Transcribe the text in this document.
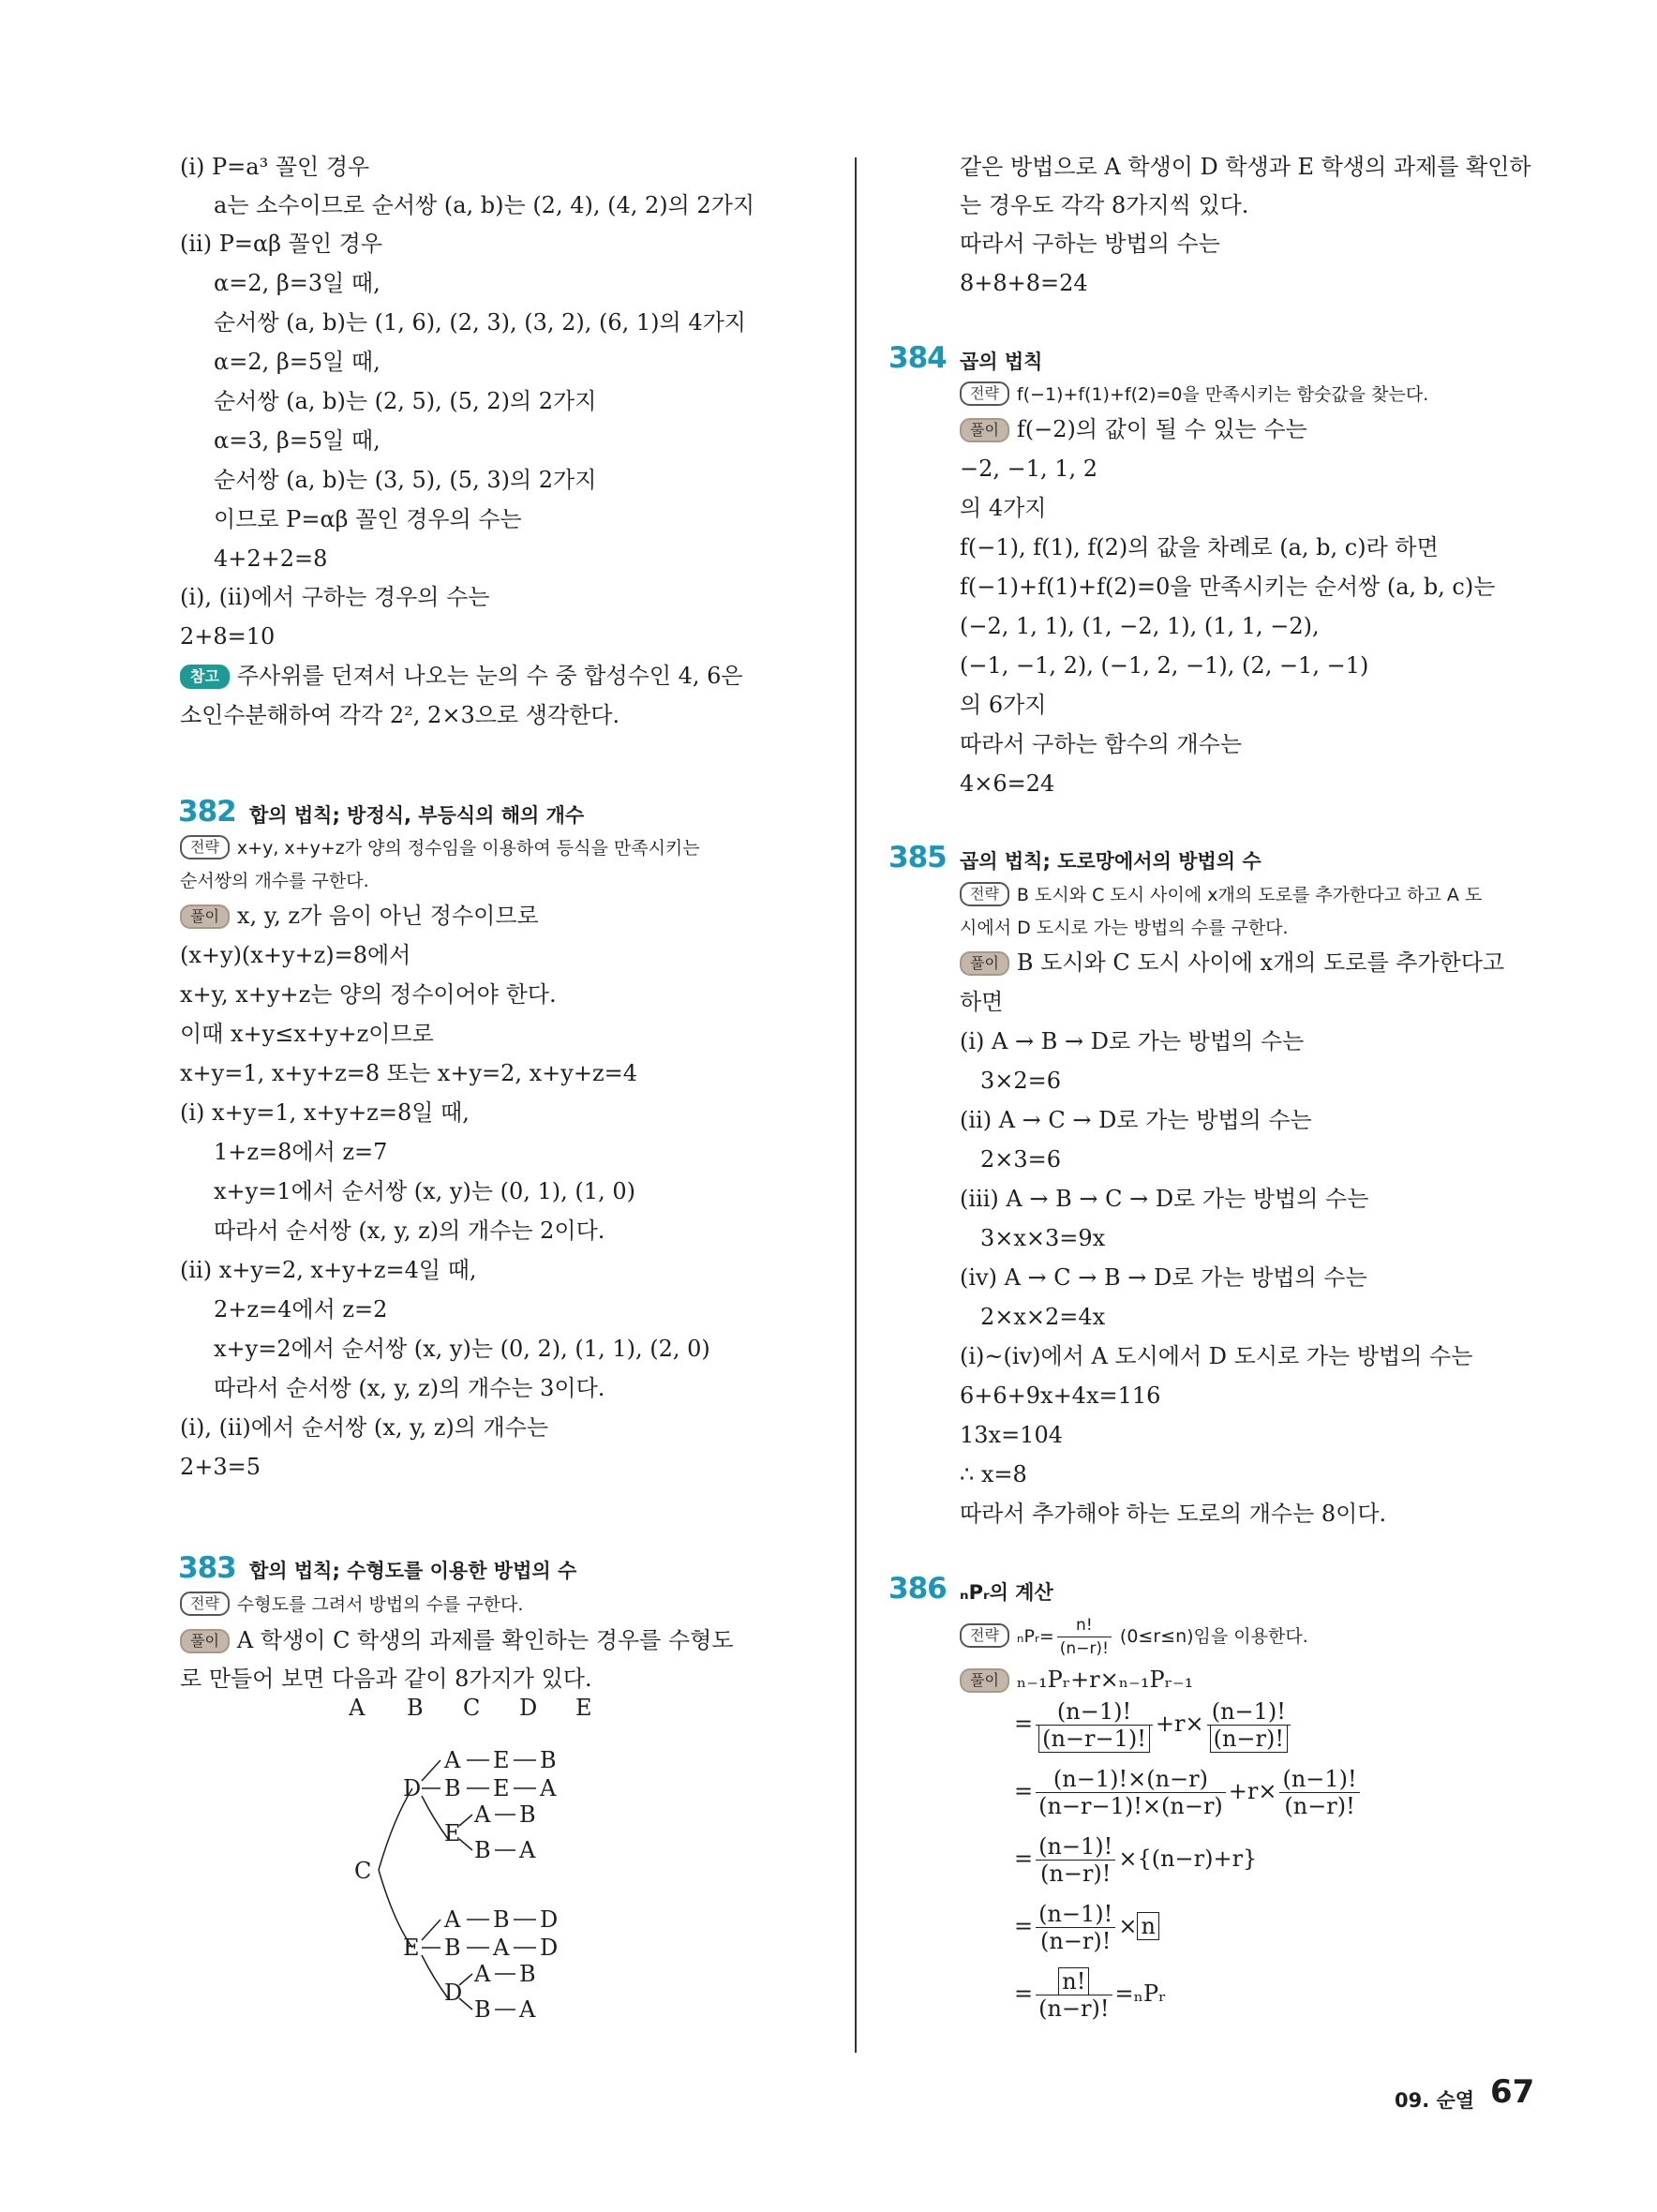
(ⅰ) P=a³ 꼴인 경우
a는 소수이므로 순서쌍 (a, b)는 (2, 4), (4, 2)의 2가지
(ⅱ) P=αβ 꼴인 경우
α=2, β=3일 때,
순서쌍 (a, b)는 (1, 6), (2, 3), (3, 2), (6, 1)의 4가지
α=2, β=5일 때,
순서쌍 (a, b)는 (2, 5), (5, 2)의 2가지
α=3, β=5일 때,
순서쌍 (a, b)는 (3, 5), (5, 3)의 2가지
이므로 P=αβ 꼴인 경우의 수는
4+2+2=8
(ⅰ), (ⅱ)에서 구하는 경우의 수는
2+8=10
참고 주사위를 던져서 나오는 눈의 수 중 합성수인 4, 6은
소인수분해하여 각각 2², 2×3으로 생각한다.
382 합의 법칙; 방정식, 부등식의 해의 개수
전략 x+y, x+y+z가 양의 정수임을 이용하여 등식을 만족시키는
순서쌍의 개수를 구한다.
풀이 x, y, z가 음이 아닌 정수이므로
(x+y)(x+y+z)=8에서
x+y, x+y+z는 양의 정수이어야 한다.
이때 x+y≤x+y+z이므로
x+y=1, x+y+z=8 또는 x+y=2, x+y+z=4
(ⅰ) x+y=1, x+y+z=8일 때,
1+z=8에서 z=7
x+y=1에서 순서쌍 (x, y)는 (0, 1), (1, 0)
따라서 순서쌍 (x, y, z)의 개수는 2이다.
(ⅱ) x+y=2, x+y+z=4일 때,
2+z=4에서 z=2
x+y=2에서 순서쌍 (x, y)는 (0, 2), (1, 1), (2, 0)
따라서 순서쌍 (x, y, z)의 개수는 3이다.
(ⅰ), (ⅱ)에서 순서쌍 (x, y, z)의 개수는
2+3=5
383 합의 법칙; 수형도를 이용한 방법의 수
전략 수형도를 그려서 방법의 수를 구한다.
풀이 A 학생이 C 학생의 과제를 확인하는 경우를 수형도
로 만들어 보면 다음과 같이 8가지가 있다.
A B C D E
C
D
A E B
B E A
E
A B
B A
E
A B D
B A D
D
A B
B A
같은 방법으로 A 학생이 D 학생과 E 학생의 과제를 확인하
는 경우도 각각 8가지씩 있다.
따라서 구하는 방법의 수는
8+8+8=24
384 곱의 법칙
전략 f(−1)+f(1)+f(2)=0을 만족시키는 함숫값을 찾는다.
풀이 f(−2)의 값이 될 수 있는 수는
−2, −1, 1, 2
의 4가지
f(−1), f(1), f(2)의 값을 차례로 (a, b, c)라 하면
f(−1)+f(1)+f(2)=0을 만족시키는 순서쌍 (a, b, c)는
(−2, 1, 1), (1, −2, 1), (1, 1, −2),
(−1, −1, 2), (−1, 2, −1), (2, −1, −1)
의 6가지
따라서 구하는 함수의 개수는
4×6=24
385 곱의 법칙; 도로망에서의 방법의 수
전략 B 도시와 C 도시 사이에 x개의 도로를 추가한다고 하고 A 도
시에서 D 도시로 가는 방법의 수를 구한다.
풀이 B 도시와 C 도시 사이에 x개의 도로를 추가한다고
하면
(ⅰ) A → B → D로 가는 방법의 수는
3×2=6
(ⅱ) A → C → D로 가는 방법의 수는
2×3=6
(ⅲ) A → B → C → D로 가는 방법의 수는
3×x×3=9x
(ⅳ) A → C → B → D로 가는 방법의 수는
2×x×2=4x
(ⅰ)~(ⅳ)에서 A 도시에서 D 도시로 가는 방법의 수는
6+6+9x+4x=116
13x=104
∴ x=8
따라서 추가해야 하는 도로의 개수는 8이다.
386 ₙPᵣ의 계산
전략 ₙPᵣ= $\frac{n!}{(n-r)!} (0\le r\le n)$임을 이용한다.
풀이 ₙ₋₁Pᵣ+r×ₙ₋₁Pᵣ₋₁
= $\frac{(n-1)!}{(n-r-1)!} +r\times \frac{(n-1)!}{(n-r)!}$
= $\frac{(n-1)!\times(n-r)}{(n-r-1)!\times(n-r)} +r\times \frac{(n-1)!}{(n-r)!}$
= $\frac{(n-1)!}{(n-r)!} \times\{(n-r)+r\}$
= $\frac{(n-1)!}{(n-r)!} \times n$
= $\frac{n!}{(n-r)!}$ =ₙPᵣ
09. 순열 67
